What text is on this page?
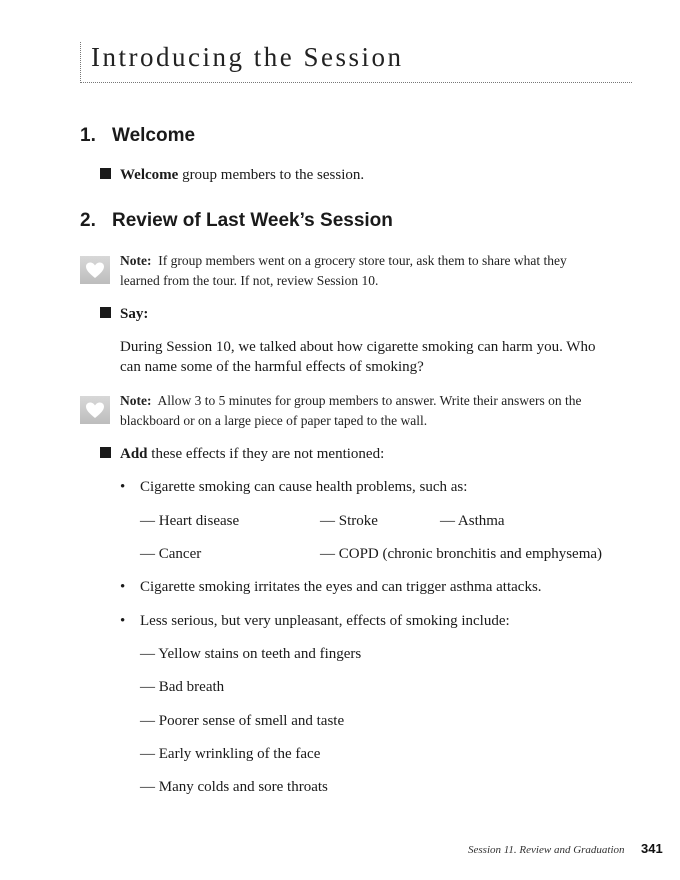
Introducing the Session
1. Welcome
Welcome group members to the session.
2. Review of Last Week’s Session
Note: If group members went on a grocery store tour, ask them to share what they
learned from the tour. If not, review Session 10.
Say:
During Session 10, we talked about how cigarette smoking can harm you. Who
can name some of the harmful effects of smoking?
Note: Allow 3 to 5 minutes for group members to answer. Write their answers on the
blackboard or on a large piece of paper taped to the wall.
Add these effects if they are not mentioned:
• Cigarette smoking can cause health problems, such as:
— Heart disease	— Stroke	— Asthma
— Cancer	— COPD (chronic bronchitis and emphysema)
• Cigarette smoking irritates the eyes and can trigger asthma attacks.
• Less serious, but very unpleasant, effects of smoking include:
— Yellow stains on teeth and fingers
— Bad breath
— Poorer sense of smell and taste
— Early wrinkling of the face
— Many colds and sore throats
Session 11. Review and Graduation 341
